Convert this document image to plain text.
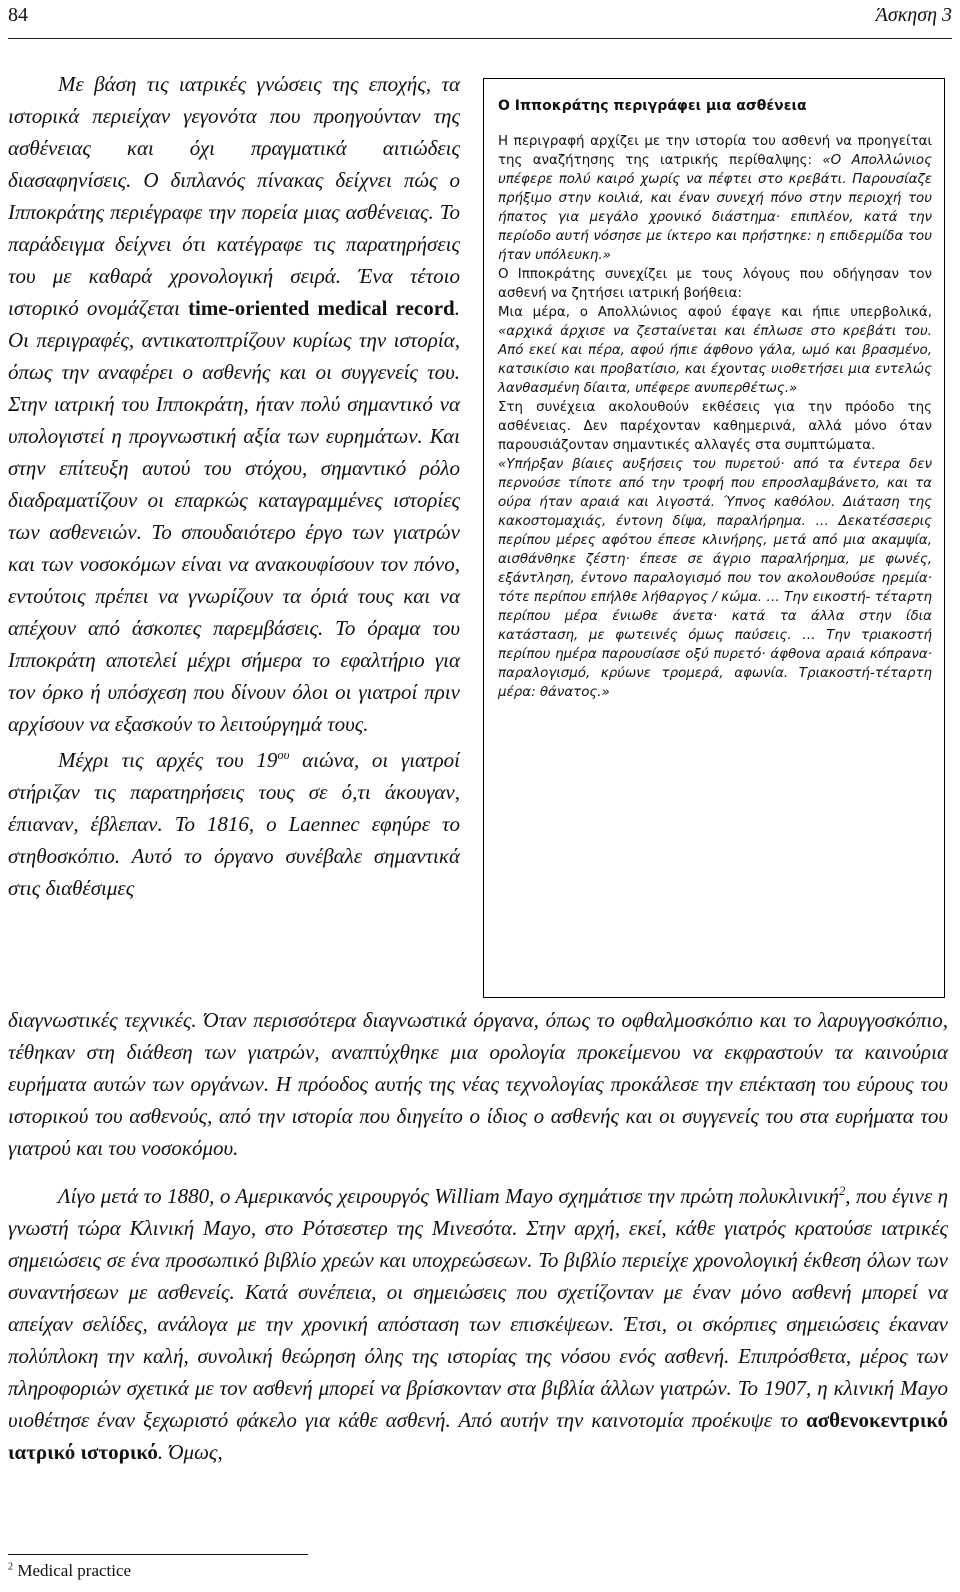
84	Άσκηση 3

Με βάση τις ιατρικές γνώσεις της εποχής, τα ιστορικά περιείχαν γεγονότα που προηγούνταν της ασθένειας και όχι πραγματικά αιτιώδεις διασαφηνίσεις. Ο διπλανός πίνακας δείχνει πώς ο Ιπποκράτης περιέγραφε την πορεία μιας ασθένειας. Το παράδειγμα δείχνει ότι κατέγραφε τις παρατηρήσεις του με καθαρά χρονολογική σειρά. Ένα τέτοιο ιστορικό ονομάζεται time-oriented medical record. Οι περιγραφές, αντικατοπτρίζουν κυρίως την ιστορία, όπως την αναφέρει ο ασθενής και οι συγγενείς του. Στην ιατρική του Ιπποκράτη, ήταν πολύ σημαντικό να υπολογιστεί η προγνωστική αξία των ευρημάτων. Και στην επίτευξη αυτού του στόχου, σημαντικό ρόλο διαδραματίζουν οι επαρκώς καταγραμμένες ιστορίες των ασθενειών. Το σπουδαιότερο έργο των γιατρών και των νοσοκόμων είναι να ανακουφίσουν τον πόνο, εντούτοις πρέπει να γνωρίζουν τα όριά τους και να απέχουν από άσκοπες παρεμβάσεις. Το όραμα του Ιπποκράτη αποτελεί μέχρι σήμερα το εφαλτήριο για τον όρκο ή υπόσχεση που δίνουν όλοι οι γιατροί πριν αρχίσουν να εξασκούν το λειτούργημά τους.

Μέχρι τις αρχές του $19^{o\upsilon}$ αιώνα, οι γιατροί στήριζαν τις παρατηρήσεις τους σε ό,τι άκουγαν, έπιαναν, έβλεπαν. Το 1816, ο Laennec εφηύρε το στηθοσκόπιο. Αυτό το όργανο συνέβαλε σημαντικά στις διαθέσιμες

Ο Ιπποκράτης περιγράφει μια ασθένεια

Η περιγραφή αρχίζει με την ιστορία του ασθενή να προηγείται της αναζήτησης της ιατρικής περίθαλψης: «Ο Απολλώνιος υπέφερε πολύ καιρό χωρίς να πέφτει στο κρεβάτι. Παρουσίαζε πρήξιμο στην κοιλιά, και έναν συνεχή πόνο στην περιοχή του ήπατος για μεγάλο χρονικό διάστημα· επιπλέον, κατά την περίοδο αυτή νόσησε με ίκτερο και πρήστηκε: η επιδερμίδα του ήταν υπόλευκη.»

Ο Ιπποκράτης συνεχίζει με τους λόγους που οδήγησαν τον ασθενή να ζητήσει ιατρική βοήθεια:

Μια μέρα, ο Απολλώνιος αφού έφαγε και ήπιε υπερβολικά, «αρχικά άρχισε να ζεσταίνεται και έπλωσε στο κρεβάτι του. Από εκεί και πέρα, αφού ήπιε άφθονο γάλα, ωμό και βρασμένο, κατσικίσιο και προβατίσιο, και έχοντας υιοθετήσει μια εντελώς λανθασμένη δίαιτα, υπέφερε ανυπερθέτως.»

Στη συνέχεια ακολουθούν εκθέσεις για την πρόοδο της ασθένειας. Δεν παρέχονταν καθημερινά, αλλά μόνο όταν παρουσιάζονταν σημαντικές αλλαγές στα συμπτώματα.

«Υπήρξαν βίαιες αυξήσεις του πυρετού· από τα έντερα δεν περνούσε τίποτε από την τροφή που επροσλαμβάνετο, και τα ούρα ήταν αραιά και λιγοστά. Ύπνος καθόλου. Διάταση της κακοστομαχιάς, έντονη δίψα, παραλήρημα. … Δεκατέσσερις περίπου μέρες αφότου έπεσε κλινήρης, μετά από μια ακαμψία, αισθάνθηκε ζέστη· έπεσε σε άγριο παραλήρημα, με φωνές, εξάντληση, έντονο παραλογισμό που τον ακολουθούσε ηρεμία· τότε περίπου επήλθε λήθαργος / κώμα. … Την εικοστή- τέταρτη περίπου μέρα ένιωθε άνετα· κατά τα άλλα στην ίδια κατάσταση, με φωτεινές όμως παύσεις. … Την τριακοστή περίπου ημέρα παρουσίασε οξύ πυρετό· άφθονα αραιά κόπρανα· παραλογισμό, κρύωνε τρομερά, αφωνία. Τριακοστή-τέταρτη μέρα: θάνατος.»

διαγνωστικές τεχνικές. Όταν περισσότερα διαγνωστικά όργανα, όπως το οφθαλμοσκόπιο και το λαρυγγοσκόπιο, τέθηκαν στη διάθεση των γιατρών, αναπτύχθηκε μια ορολογία προκείμενου να εκφραστούν τα καινούρια ευρήματα αυτών των οργάνων. Η πρόοδος αυτής της νέας τεχνολογίας προκάλεσε την επέκταση του εύρους του ιστορικού του ασθενούς, από την ιστορία που διηγείτο ο ίδιος ο ασθενής και οι συγγενείς του στα ευρήματα του γιατρού και του νοσοκόμου.

Λίγο μετά το 1880, ο Αμερικανός χειρουργός William Mayo σχημάτισε την πρώτη πολυκλινική$^2$, που έγινε η γνωστή τώρα Κλινική Mayo, στο Ρότσεστερ της Μινεσότα. Στην αρχή, εκεί, κάθε γιατρός κρατούσε ιατρικές σημειώσεις σε ένα προσωπικό βιβλίο χρεών και υποχρεώσεων. Το βιβλίο περιείχε χρονολογική έκθεση όλων των συναντήσεων με ασθενείς. Κατά συνέπεια, οι σημειώσεις που σχετίζονταν με έναν μόνο ασθενή μπορεί να απείχαν σελίδες, ανάλογα με την χρονική απόσταση των επισκέψεων. Έτσι, οι σκόρπιες σημειώσεις έκαναν πολύπλοκη την καλή, συνολική θεώρηση όλης της ιστορίας της νόσου ενός ασθενή. Επιπρόσθετα, μέρος των πληροφοριών σχετικά με τον ασθενή μπορεί να βρίσκονταν στα βιβλία άλλων γιατρών. Το 1907, η κλινική Mayo υιοθέτησε έναν ξεχωριστό φάκελο για κάθε ασθενή. Από αυτήν την καινοτομία προέκυψε το ασθενοκεντρικό ιατρικό ιστορικό. Όμως,

$^2$ Medical practice
